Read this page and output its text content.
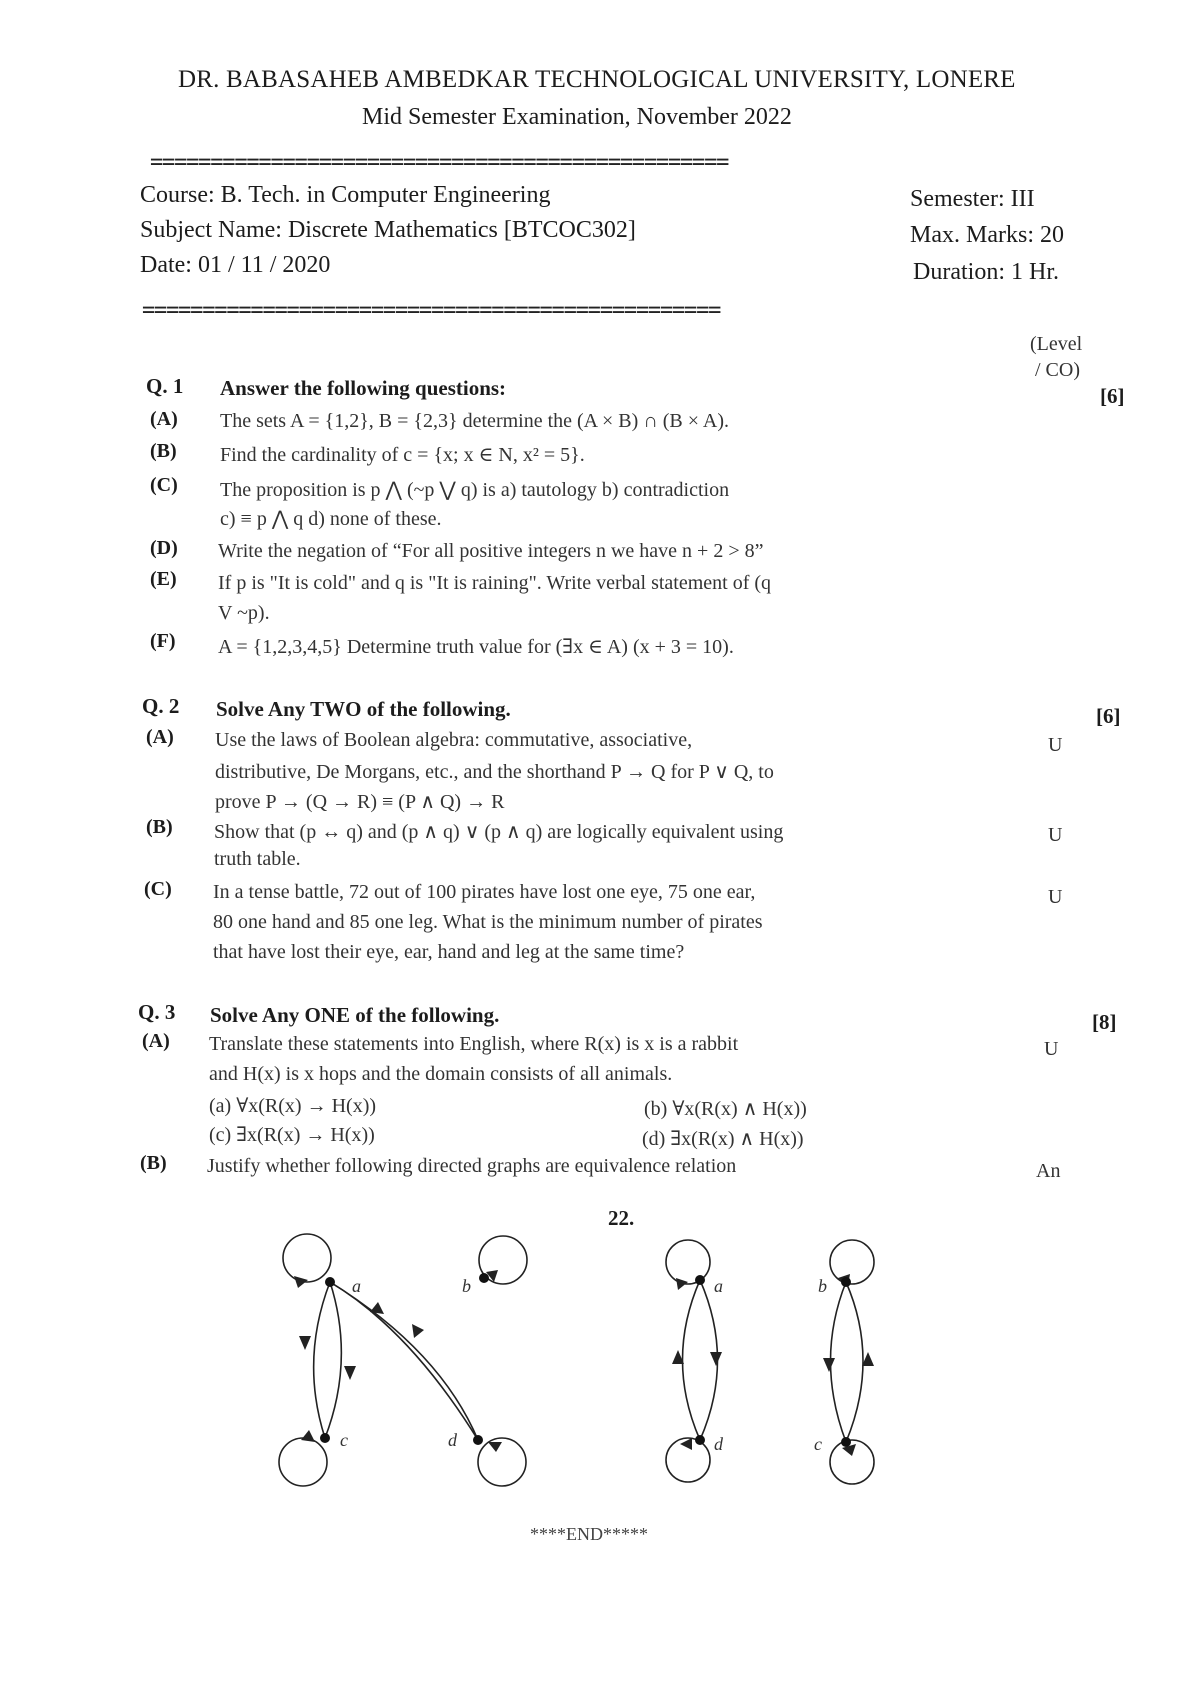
DR. BABASAHEB AMBEDKAR TECHNOLOGICAL UNIVERSITY, LONERE
Mid Semester Examination, November 2022
================================================
Course: B. Tech. in Computer Engineering
Subject Name: Discrete Mathematics [BTCOC302]
Date: 01 / 11 / 2020
Semester: III
Max. Marks: 20
Duration: 1 Hr.
================================================
(Level
/ CO)
Q. 1 Answer the following questions:	[6]
(A) The sets A = {1,2}, B = {2,3} determine the (A × B) ∩ (B × A).
(B) Find the cardinality of c = {x; x ∈ N, x² = 5}.
(C) The proposition is p ⋀ (~p ⋁ q) is a) tautology b) contradiction
c) ≡ p ⋀ q d) none of these.
(D) Write the negation of “For all positive integers n we have n + 2 > 8”
(E) If p is "It is cold" and q is "It is raining". Write verbal statement of (q
V ~p).
(F) A = {1,2,3,4,5} Determine truth value for (∃x ∈ A) (x + 3 = 10).
Q. 2 Solve Any TWO of the following.	[6]
(A) Use the laws of Boolean algebra: commutative, associative,
distributive, De Morgans, etc., and the shorthand P → Q for P ∨ Q, to
prove P → (Q → R) ≡ (P ∧ Q) → R
U
(B) Show that (p ↔ q) and (p ∧ q) ∨ (p ∧ q) are logically equivalent using
truth table.
U
(C) In a tense battle, 72 out of 100 pirates have lost one eye, 75 one ear,
80 one hand and 85 one leg. What is the minimum number of pirates
that have lost their eye, ear, hand and leg at the same time?
U
Q. 3 Solve Any ONE of the following.	[8]
(A) Translate these statements into English, where R(x) is x is a rabbit
and H(x) is x hops and the domain consists of all animals.
U
(a) ∀x(R(x) → H(x))	(b) ∀x(R(x) ∧ H(x))
(c) ∃x(R(x) → H(x))	(d) ∃x(R(x) ∧ H(x))
(B) Justify whether following directed graphs are equivalence relation	An
22.
a	b
c	d
a
d
b
c
****END*****
